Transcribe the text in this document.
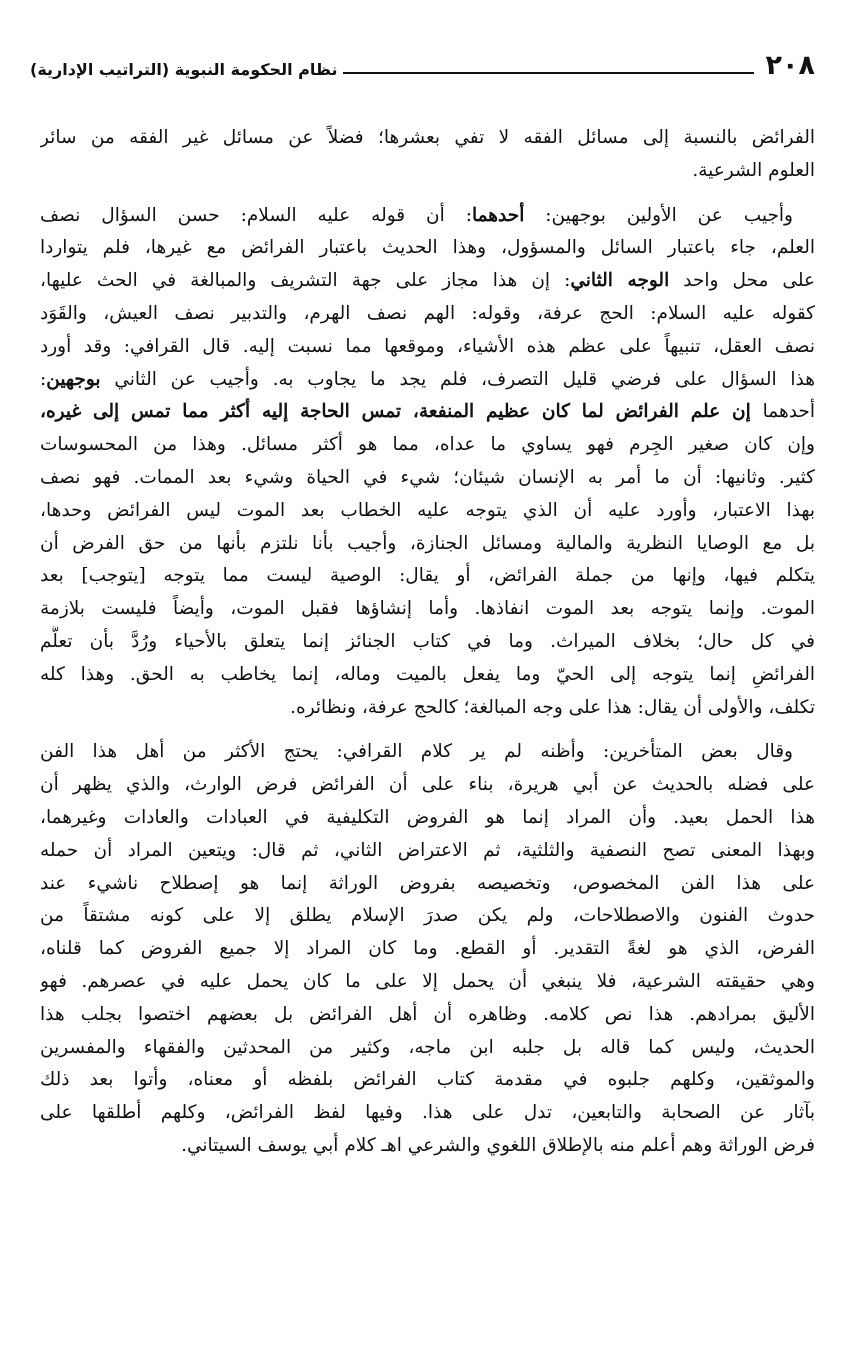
٢٠٨
نظام الحكومة النبوية (التراتيب الإدارية)
الفرائض بالنسبة إلى مسائل الفقه لا تفي بعشرها؛ فضلاً عن مسائل غير الفقه من سائر
العلوم الشرعية.
وأجيب عن الأولين بوجهين: أحدهما: أن قوله عليه السلام: حسن السؤال نصف
العلم، جاء باعتبار السائل والمسؤول، وهذا الحديث باعتبار الفرائض مع غيرها، فلم يتواردا
على محل واحد الوجه الثاني: إن هذا مجاز على جهة التشريف والمبالغة في الحث عليها،
كقوله عليه السلام: الحج عرفة، وقوله: الهم نصف الهرم، والتدبير نصف العيش، والقَوَد
نصف العقل، تنبيهاً على عظم هذه الأشياء، وموقعها مما نسبت إليه. قال القرافي: وقد أورد
هذا السؤال على فرضي قليل التصرف، فلم يجد ما يجاوب به. وأجيب عن الثاني بوجهين:
أحدهما إن علم الفرائض لما كان عظيم المنفعة، تمس الحاجة إليه أكثر مما تمس إلى غيره،
وإن كان صغير الجِرم فهو يساوي ما عداه، مما هو أكثر مسائل. وهذا من المحسوسات
كثير. وثانيها: أن ما أمر به الإنسان شيئان؛ شيء في الحياة وشيء بعد الممات. فهو نصف
بهذا الاعتبار، وأورد عليه أن الذي يتوجه عليه الخطاب بعد الموت ليس الفرائض وحدها،
بل مع الوصايا النظرية والمالية ومسائل الجنازة، وأجيب بأنا نلتزم بأنها من حق الفرض أن
يتكلم فيها، وإنها من جملة الفرائض، أو يقال: الوصية ليست مما يتوجه [يتوجب] بعد
الموت. وإنما يتوجه بعد الموت انفاذها. وأما إنشاؤها فقبل الموت، وأيضاً فليست بلازمة
في كل حال؛ بخلاف الميراث. وما في كتاب الجنائز إنما يتعلق بالأحياء ورُدَّ بأن تعلُّم
الفرائضِ إنما يتوجه إلى الحيّ وما يفعل بالميت وماله، إنما يخاطب به الحق. وهذا كله
تكلف، والأولى أن يقال: هذا على وجه المبالغة؛ كالحج عرفة، ونظائره.
وقال بعض المتأخرين: وأظنه لم ير كلام القرافي: يحتج الأكثر من أهل هذا الفن
على فضله بالحديث عن أبي هريرة، بناء على أن الفرائض فرض الوارث، والذي يظهر أن
هذا الحمل بعيد. وأن المراد إنما هو الفروض التكليفية في العبادات والعادات وغيرهما،
وبهذا المعنى تصح النصفية والثلثية، ثم الاعتراض الثاني، ثم قال: ويتعين المراد أن حمله
على هذا الفن المخصوص، وتخصيصه بفروض الوراثة إنما هو إصطلاح ناشيء عند
حدوث الفنون والاصطلاحات، ولم يكن صدرَ الإسلام يطلق إلا على كونه مشتقاً من
الفرض، الذي هو لغةً التقدير. أو القطع. وما كان المراد إلا جميع الفروض كما قلناه،
وهي حقيقته الشرعية، فلا ينبغي أن يحمل إلا على ما كان يحمل عليه في عصرهم. فهو
الأليق بمرادهم. هذا نص كلامه. وظاهره أن أهل الفرائض بل بعضهم اختصوا بجلب هذا
الحديث، وليس كما قاله بل جلبه ابن ماجه، وكثير من المحدثين والفقهاء والمفسرين
والموثقين، وكلهم جلبوه في مقدمة كتاب الفرائض بلفظه أو معناه، وأتوا بعد ذلك
بآثار عن الصحابة والتابعين، تدل على هذا. وفيها لفظ الفرائض، وكلهم أطلقها على
فرض الوراثة وهم أعلم منه بالإطلاق اللغوي والشرعي اهـ كلام أبي يوسف السيتاني.
